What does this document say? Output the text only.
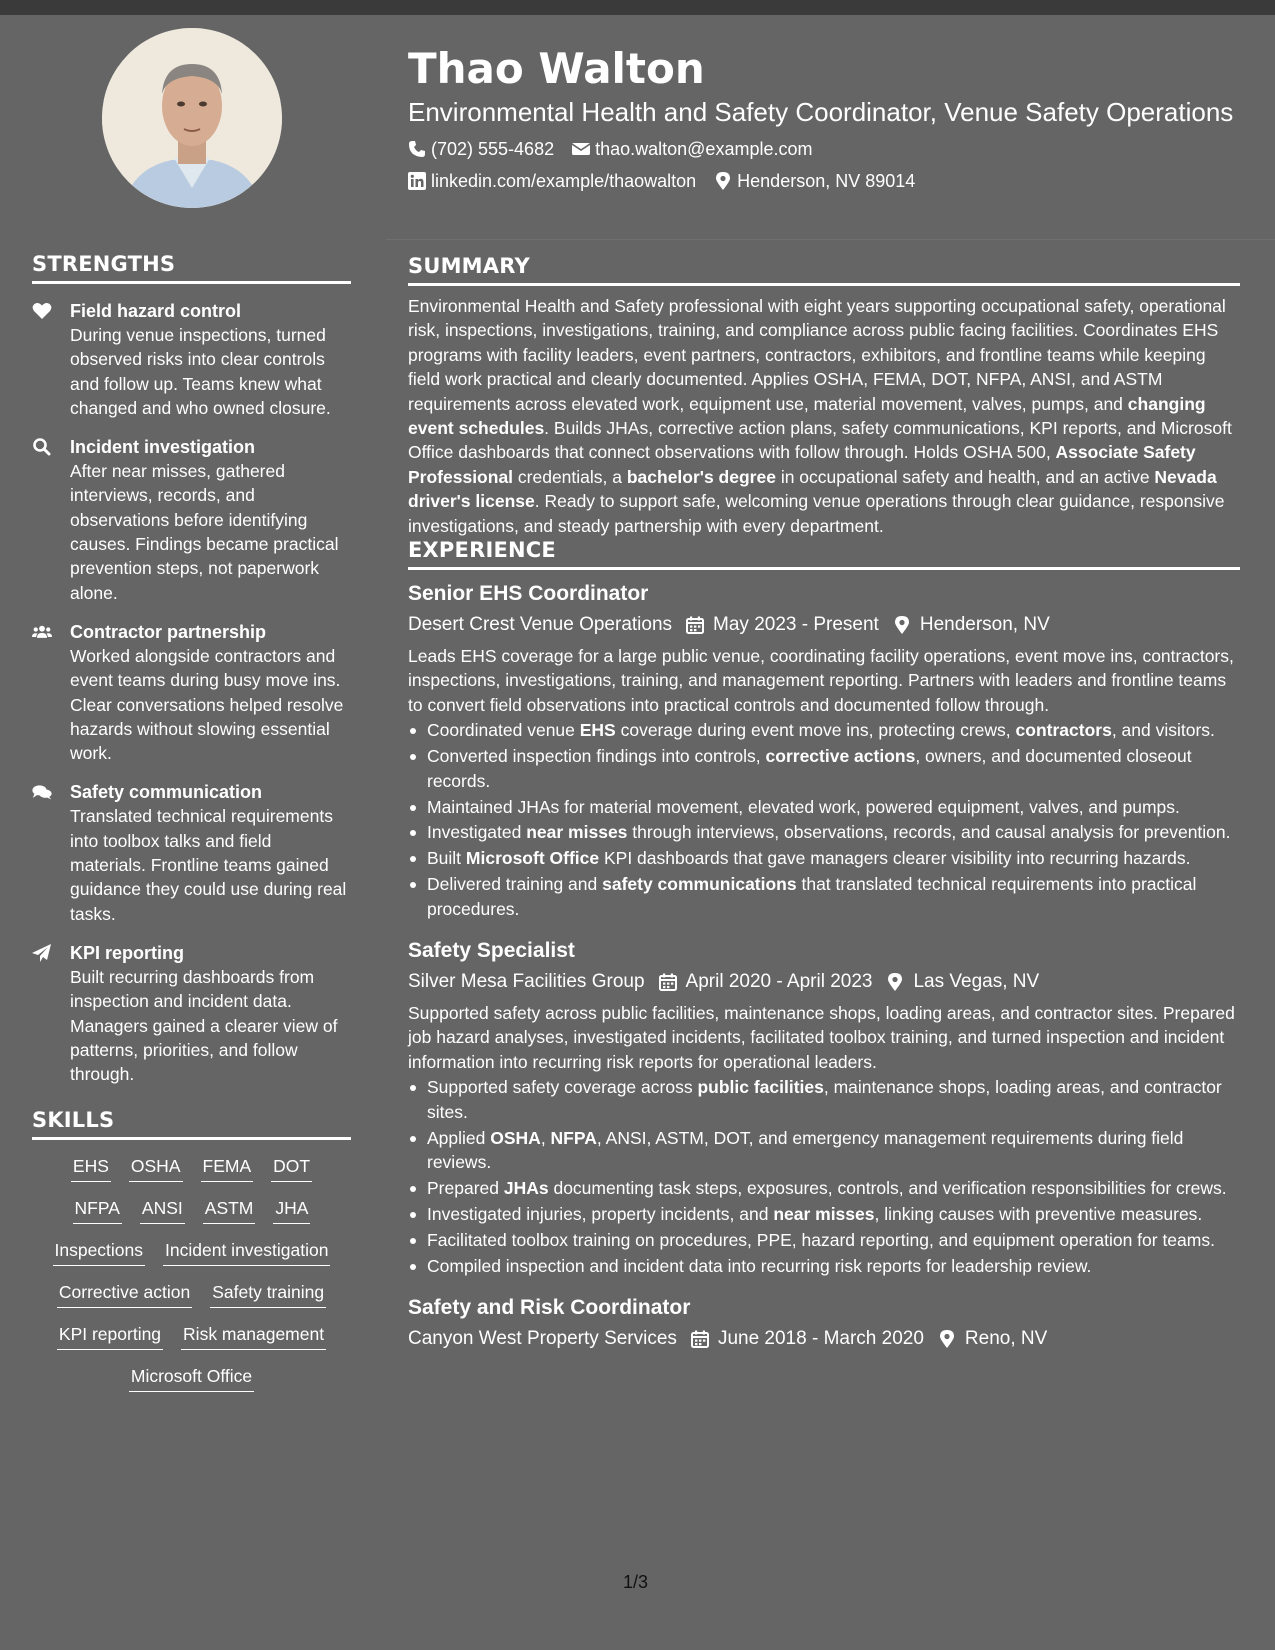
STRENGTHS
Field hazard control
During venue inspections, turned observed risks into clear controls and follow up. Teams knew what changed and who owned closure.
Incident investigation
After near misses, gathered interviews, records, and observations before identifying causes. Findings became practical prevention steps, not paperwork alone.
Contractor partnership
Worked alongside contractors and event teams during busy move ins. Clear conversations helped resolve hazards without slowing essential work.
Safety communication
Translated technical requirements into toolbox talks and field materials. Frontline teams gained guidance they could use during real tasks.
KPI reporting
Built recurring dashboards from inspection and incident data. Managers gained a clearer view of patterns, priorities, and follow through.
SKILLS
EHS OSHA FEMA DOT
NFPA ANSI ASTM JHA
Inspections Incident investigation
Corrective action Safety training
KPI reporting Risk management
Microsoft Office
Thao Walton
Environmental Health and Safety Coordinator, Venue Safety Operations
(702) 555-4682 thao.walton@example.com
linkedin.com/example/thaowalton Henderson, NV 89014
SUMMARY
Environmental Health and Safety professional with eight years supporting occupational safety, operational risk, inspections, investigations, training, and compliance across public facing facilities. Coordinates EHS programs with facility leaders, event partners, contractors, exhibitors, and frontline teams while keeping field work practical and clearly documented. Applies OSHA, FEMA, DOT, NFPA, ANSI, and ASTM requirements across elevated work, equipment use, material movement, valves, pumps, and changing event schedules. Builds JHAs, corrective action plans, safety communications, KPI reports, and Microsoft Office dashboards that connect observations with follow through. Holds OSHA 500, Associate Safety Professional credentials, a bachelor's degree in occupational safety and health, and an active Nevada driver's license. Ready to support safe, welcoming venue operations through clear guidance, responsive investigations, and steady partnership with every department.
EXPERIENCE
Senior EHS Coordinator
Desert Crest Venue Operations May 2023 - Present Henderson, NV
Leads EHS coverage for a large public venue, coordinating facility operations, event move ins, contractors, inspections, investigations, training, and management reporting. Partners with leaders and frontline teams to convert field observations into practical controls and documented follow through.
Coordinated venue EHS coverage during event move ins, protecting crews, contractors, and visitors.
Converted inspection findings into controls, corrective actions, owners, and documented closeout records.
Maintained JHAs for material movement, elevated work, powered equipment, valves, and pumps.
Investigated near misses through interviews, observations, records, and causal analysis for prevention.
Built Microsoft Office KPI dashboards that gave managers clearer visibility into recurring hazards.
Delivered training and safety communications that translated technical requirements into practical procedures.
Safety Specialist
Silver Mesa Facilities Group April 2020 - April 2023 Las Vegas, NV
Supported safety across public facilities, maintenance shops, loading areas, and contractor sites. Prepared job hazard analyses, investigated incidents, facilitated toolbox training, and turned inspection and incident information into recurring risk reports for operational leaders.
Supported safety coverage across public facilities, maintenance shops, loading areas, and contractor sites.
Applied OSHA, NFPA, ANSI, ASTM, DOT, and emergency management requirements during field reviews.
Prepared JHAs documenting task steps, exposures, controls, and verification responsibilities for crews.
Investigated injuries, property incidents, and near misses, linking causes with preventive measures.
Facilitated toolbox training on procedures, PPE, hazard reporting, and equipment operation for teams.
Compiled inspection and incident data into recurring risk reports for leadership review.
Safety and Risk Coordinator
Canyon West Property Services June 2018 - March 2020 Reno, NV
1/3
